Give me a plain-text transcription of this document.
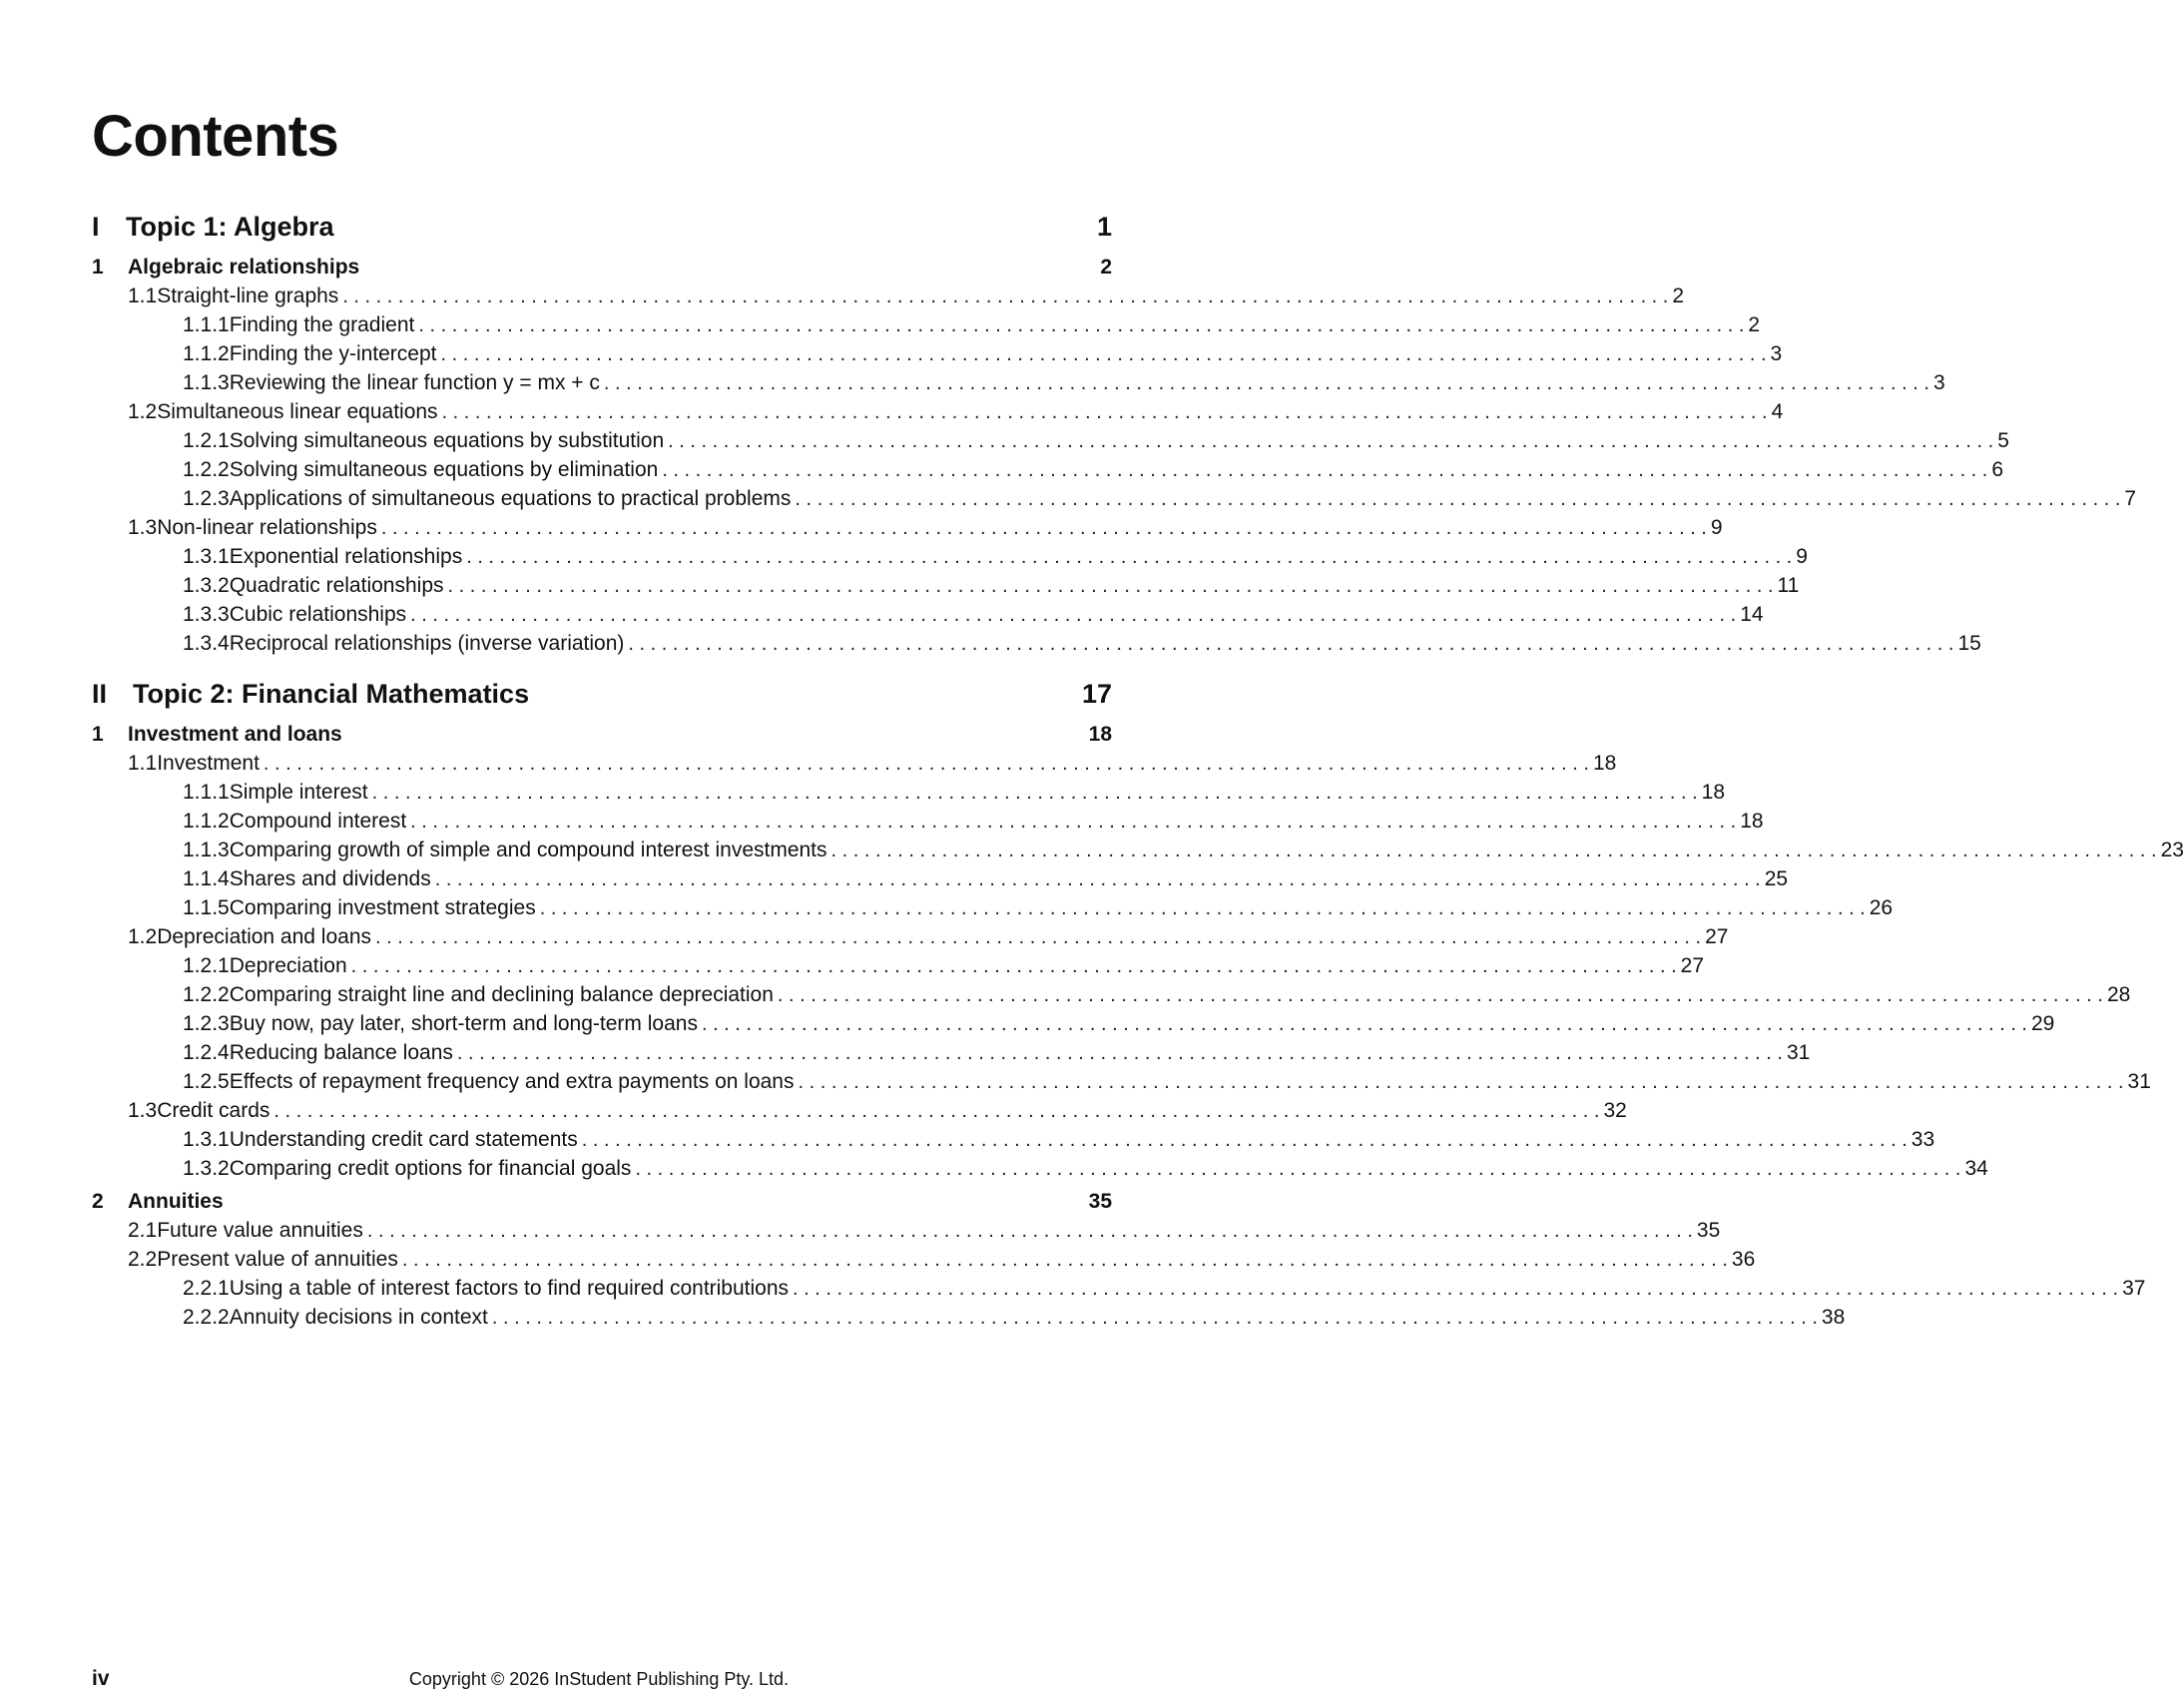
Contents
I Topic 1: Algebra	1
1	Algebraic relationships	2
1.1 Straight-line graphs . . . . . . . . . . . . . . . . . . . . . . . . . . . . . . . . . . . . . . . . . . . . . . . . . . . . . . . . . . . . . . . . . . . . . . . . . . . . . . . . . . . . . . . . . . . . . . . . . . . . . . . . . . . . . . . . . . . . . . . . 2
1.1.1 Finding the gradient . . . . . . . . . . . . . . . . . . . . . . . . . . . . . . . . . . . . . . . . . . . . . . . . . . . . . . . . . . . . . . . . . . . . . . . . . . . . . . . . . . . . . . . . . . . . . . . . . . . . . . . . . . . . . . . . . . . . . . . . 2
1.1.2 Finding the y-intercept . . . . . . . . . . . . . . . . . . . . . . . . . . . . . . . . . . . . . . . . . . . . . . . . . . . . . . . . . . . . . . . . . . . . . . . . . . . . . . . . . . . . . . . . . . . . . . . . . . . . . . . . . . . . . . . . . . . . . . . . 3
1.1.3 Reviewing the linear function y = mx + c . . . . . . . . . . . . . . . . . . . . . . . . . . . . . . . . . . . . . . . . . . . . . . . . . . . . . . . . . . . . . . . . . . . . . . . . . . . . . . . . . . . . . . . . . . . . . . . . . . . . . . . . . . . . . . . . . . . . . . . . 3
1.2 Simultaneous linear equations . . . . . . . . . . . . . . . . . . . . . . . . . . . . . . . . . . . . . . . . . . . . . . . . . . . . . . . . . . . . . . . . . . . . . . . . . . . . . . . . . . . . . . . . . . . . . . . . . . . . . . . . . . . . . . . . . . . . . . . . 4
1.2.1 Solving simultaneous equations by substitution . . . . . . . . . . . . . . . . . . . . . . . . . . . . . . . . . . . . . . . . . . . . . . . . . . . . . . . . . . . . . . . . . . . . . . . . . . . . . . . . . . . . . . . . . . . . . . . . . . . . . . . . . . . . . . . . . . . . . . . . 5
1.2.2 Solving simultaneous equations by elimination . . . . . . . . . . . . . . . . . . . . . . . . . . . . . . . . . . . . . . . . . . . . . . . . . . . . . . . . . . . . . . . . . . . . . . . . . . . . . . . . . . . . . . . . . . . . . . . . . . . . . . . . . . . . . . . . . . . . . . . . 6
1.2.3 Applications of simultaneous equations to practical problems . . . . . . . . . . . . . . . . . . . . . . . . . . . . . . . . . . . . . . . . . . . . . . . . . . . . . . . . . . . . . . . . . . . . . . . . . . . . . . . . . . . . . . . . . . . . . . . . . . . . . . . . . . . . . . . . . . . . . . . . 7
1.3 Non-linear relationships . . . . . . . . . . . . . . . . . . . . . . . . . . . . . . . . . . . . . . . . . . . . . . . . . . . . . . . . . . . . . . . . . . . . . . . . . . . . . . . . . . . . . . . . . . . . . . . . . . . . . . . . . . . . . . . . . . . . . . . . 9
1.3.1 Exponential relationships . . . . . . . . . . . . . . . . . . . . . . . . . . . . . . . . . . . . . . . . . . . . . . . . . . . . . . . . . . . . . . . . . . . . . . . . . . . . . . . . . . . . . . . . . . . . . . . . . . . . . . . . . . . . . . . . . . . . . . . . 9
1.3.2 Quadratic relationships . . . . . . . . . . . . . . . . . . . . . . . . . . . . . . . . . . . . . . . . . . . . . . . . . . . . . . . . . . . . . . . . . . . . . . . . . . . . . . . . . . . . . . . . . . . . . . . . . . . . . . . . . . . . . . . . . . . . . . . . 11
1.3.3 Cubic relationships . . . . . . . . . . . . . . . . . . . . . . . . . . . . . . . . . . . . . . . . . . . . . . . . . . . . . . . . . . . . . . . . . . . . . . . . . . . . . . . . . . . . . . . . . . . . . . . . . . . . . . . . . . . . . . . . . . . . . . . . 14
1.3.4 Reciprocal relationships (inverse variation) . . . . . . . . . . . . . . . . . . . . . . . . . . . . . . . . . . . . . . . . . . . . . . . . . . . . . . . . . . . . . . . . . . . . . . . . . . . . . . . . . . . . . . . . . . . . . . . . . . . . . . . . . . . . . . . . . . . . . . . . 15
II Topic 2: Financial Mathematics	17
1	Investment and loans	18
1.1 Investment . . . . . . . . . . . . . . . . . . . . . . . . . . . . . . . . . . . . . . . . . . . . . . . . . . . . . . . . . . . . . . . . . . . . . . . . . . . . . . . . . . . . . . . . . . . . . . . . . . . . . . . . . . . . . . . . . . . . . . . . 18
1.1.1 Simple interest . . . . . . . . . . . . . . . . . . . . . . . . . . . . . . . . . . . . . . . . . . . . . . . . . . . . . . . . . . . . . . . . . . . . . . . . . . . . . . . . . . . . . . . . . . . . . . . . . . . . . . . . . . . . . . . . . . . . . . . . 18
1.1.2 Compound interest . . . . . . . . . . . . . . . . . . . . . . . . . . . . . . . . . . . . . . . . . . . . . . . . . . . . . . . . . . . . . . . . . . . . . . . . . . . . . . . . . . . . . . . . . . . . . . . . . . . . . . . . . . . . . . . . . . . . . . . . 18
1.1.3 Comparing growth of simple and compound interest investments . . . . . . . . . . . . . . . . . . . . . . . . . . . . . . . . . . . . . . . . . . . . . . . . . . . . . . . . . . . . . . . . . . . . . . . . . . . . . . . . . . . . . . . . . . . . . . . . . . . . . . . . . . . . . . . . . . . . . . . . 23
1.1.4 Shares and dividends . . . . . . . . . . . . . . . . . . . . . . . . . . . . . . . . . . . . . . . . . . . . . . . . . . . . . . . . . . . . . . . . . . . . . . . . . . . . . . . . . . . . . . . . . . . . . . . . . . . . . . . . . . . . . . . . . . . . . . . . 25
1.1.5 Comparing investment strategies . . . . . . . . . . . . . . . . . . . . . . . . . . . . . . . . . . . . . . . . . . . . . . . . . . . . . . . . . . . . . . . . . . . . . . . . . . . . . . . . . . . . . . . . . . . . . . . . . . . . . . . . . . . . . . . . . . . . . . . . 26
1.2 Depreciation and loans . . . . . . . . . . . . . . . . . . . . . . . . . . . . . . . . . . . . . . . . . . . . . . . . . . . . . . . . . . . . . . . . . . . . . . . . . . . . . . . . . . . . . . . . . . . . . . . . . . . . . . . . . . . . . . . . . . . . . . . . 27
1.2.1 Depreciation . . . . . . . . . . . . . . . . . . . . . . . . . . . . . . . . . . . . . . . . . . . . . . . . . . . . . . . . . . . . . . . . . . . . . . . . . . . . . . . . . . . . . . . . . . . . . . . . . . . . . . . . . . . . . . . . . . . . . . . . 27
1.2.2 Comparing straight line and declining balance depreciation . . . . . . . . . . . . . . . . . . . . . . . . . . . . . . . . . . . . . . . . . . . . . . . . . . . . . . . . . . . . . . . . . . . . . . . . . . . . . . . . . . . . . . . . . . . . . . . . . . . . . . . . . . . . . . . . . . . . . . . . 28
1.2.3 Buy now, pay later, short-term and long-term loans . . . . . . . . . . . . . . . . . . . . . . . . . . . . . . . . . . . . . . . . . . . . . . . . . . . . . . . . . . . . . . . . . . . . . . . . . . . . . . . . . . . . . . . . . . . . . . . . . . . . . . . . . . . . . . . . . . . . . . . . 29
1.2.4 Reducing balance loans . . . . . . . . . . . . . . . . . . . . . . . . . . . . . . . . . . . . . . . . . . . . . . . . . . . . . . . . . . . . . . . . . . . . . . . . . . . . . . . . . . . . . . . . . . . . . . . . . . . . . . . . . . . . . . . . . . . . . . . . 31
1.2.5 Effects of repayment frequency and extra payments on loans . . . . . . . . . . . . . . . . . . . . . . . . . . . . . . . . . . . . . . . . . . . . . . . . . . . . . . . . . . . . . . . . . . . . . . . . . . . . . . . . . . . . . . . . . . . . . . . . . . . . . . . . . . . . . . . . . . . . . . . . 31
1.3 Credit cards . . . . . . . . . . . . . . . . . . . . . . . . . . . . . . . . . . . . . . . . . . . . . . . . . . . . . . . . . . . . . . . . . . . . . . . . . . . . . . . . . . . . . . . . . . . . . . . . . . . . . . . . . . . . . . . . . . . . . . . . 32
1.3.1 Understanding credit card statements . . . . . . . . . . . . . . . . . . . . . . . . . . . . . . . . . . . . . . . . . . . . . . . . . . . . . . . . . . . . . . . . . . . . . . . . . . . . . . . . . . . . . . . . . . . . . . . . . . . . . . . . . . . . . . . . . . . . . . . . 33
1.3.2 Comparing credit options for financial goals . . . . . . . . . . . . . . . . . . . . . . . . . . . . . . . . . . . . . . . . . . . . . . . . . . . . . . . . . . . . . . . . . . . . . . . . . . . . . . . . . . . . . . . . . . . . . . . . . . . . . . . . . . . . . . . . . . . . . . . . 34
2	Annuities	35
2.1 Future value annuities . . . . . . . . . . . . . . . . . . . . . . . . . . . . . . . . . . . . . . . . . . . . . . . . . . . . . . . . . . . . . . . . . . . . . . . . . . . . . . . . . . . . . . . . . . . . . . . . . . . . . . . . . . . . . . . . . . . . . . . . 35
2.2 Present value of annuities . . . . . . . . . . . . . . . . . . . . . . . . . . . . . . . . . . . . . . . . . . . . . . . . . . . . . . . . . . . . . . . . . . . . . . . . . . . . . . . . . . . . . . . . . . . . . . . . . . . . . . . . . . . . . . . . . . . . . . . . 36
2.2.1 Using a table of interest factors to find required contributions . . . . . . . . . . . . . . . . . . . . . . . . . . . . . . . . . . . . . . . . . . . . . . . . . . . . . . . . . . . . . . . . . . . . . . . . . . . . . . . . . . . . . . . . . . . . . . . . . . . . . . . . . . . . . . . . . . . . . . . . 37
2.2.2 Annuity decisions in context . . . . . . . . . . . . . . . . . . . . . . . . . . . . . . . . . . . . . . . . . . . . . . . . . . . . . . . . . . . . . . . . . . . . . . . . . . . . . . . . . . . . . . . . . . . . . . . . . . . . . . . . . . . . . . . . . . . . . . . . 38
iv	Copyright © 2026 InStudent Publishing Pty. Ltd.
